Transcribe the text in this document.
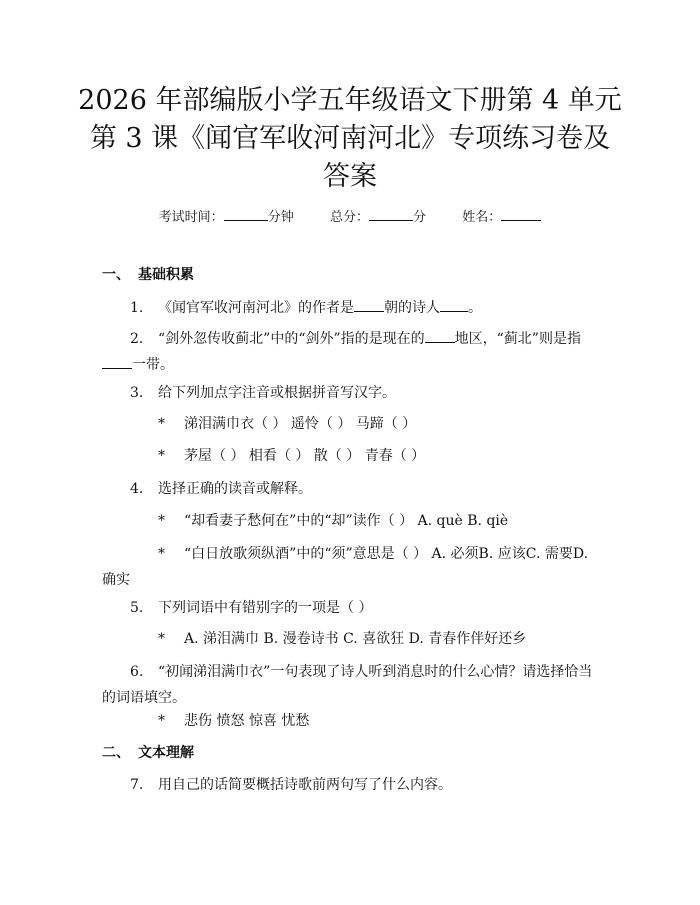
2026 年部编版小学五年级语文下册第 4 单元
第 3 课《闻官军收河南河北》专项练习卷及
答案
考试时间：	分钟	总分：	分	姓名：
一、 基础积累
1. 《闻官军收河南河北》的作者是 朝的诗人 。
2. “剑外忽传收蓟北”中的“剑外”指的是现在的 地区，“蓟北”则是指一带。
3. 给下列加点字注音或根据拼音写汉字。
* 涕泪满巾衣（ ） 遥怜（ ） 马蹄（ ）
* 茅屋（ ） 相看（ ） 散（ ） 青春（ ）
4. 选择正确的读音或解释。
* “却看妻子愁何在”中的“却”读作（ ） A. què B. qiè
* “白日放歌须纵酒”中的“须”意思是（ ） A. 必须B. 应该C. 需要D. 确实
5. 下列词语中有错别字的一项是（ ）
* A. 涕泪满巾 B. 漫卷诗书 C. 喜欲狂 D. 青春作伴好还乡
6. “初闻涕泪满巾衣”一句表现了诗人听到消息时的什么心情？请选择恰当的词语填空。
* 悲伤 愤怒 惊喜 忧愁
二、 文本理解
7. 用自己的话简要概括诗歌前两句写了什么内容。
